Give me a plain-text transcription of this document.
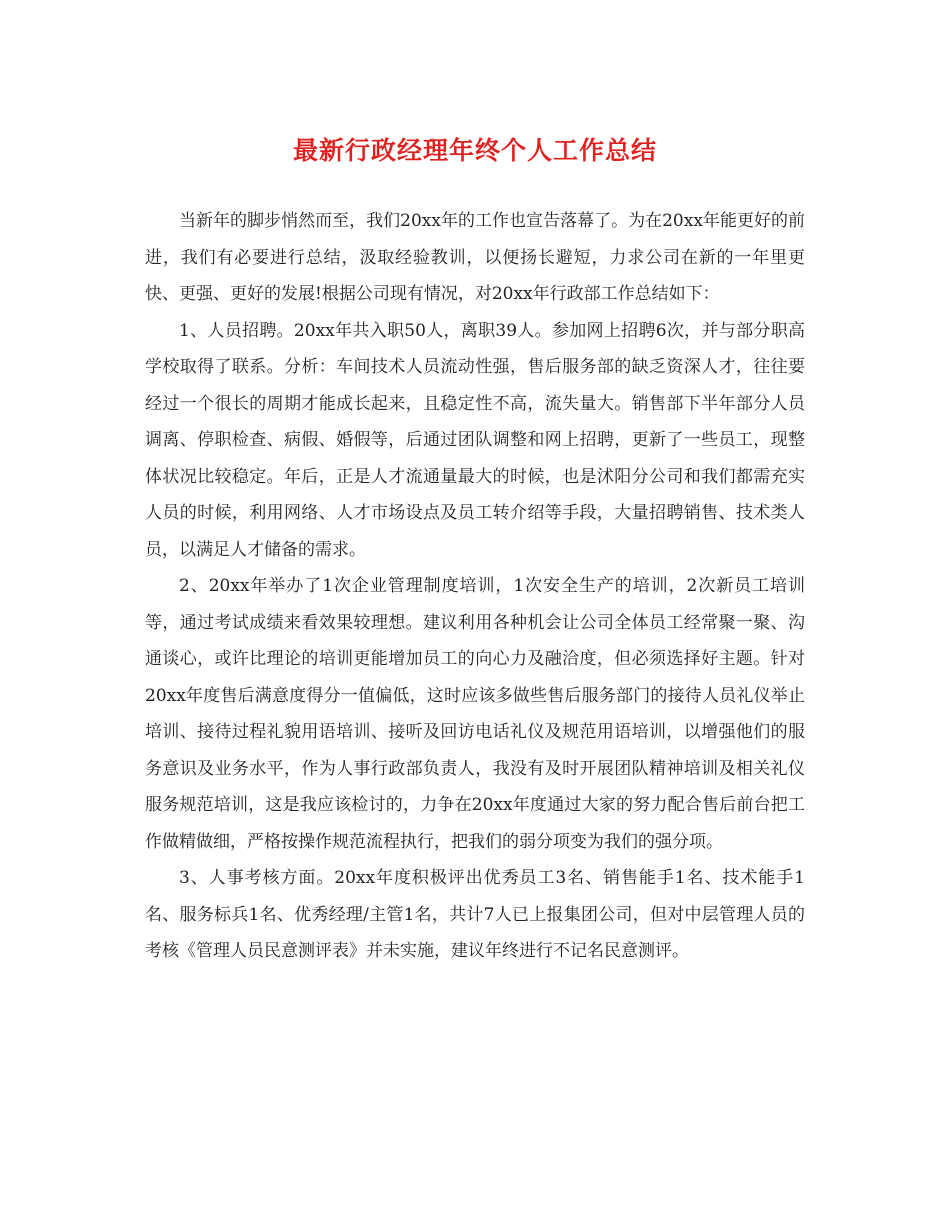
最新行政经理年终个人工作总结

当新年的脚步悄然而至，我们20xx年的工作也宣告落幕了。为在20xx年能更好的前进，我们有必要进行总结，汲取经验教训，以便扬长避短，力求公司在新的一年里更快、更强、更好的发展!根据公司现有情况，对20xx年行政部工作总结如下：

1、人员招聘。20xx年共入职50人，离职39人。参加网上招聘6次，并与部分职高学校取得了联系。分析：车间技术人员流动性强，售后服务部的缺乏资深人才，往往要经过一个很长的周期才能成长起来，且稳定性不高，流失量大。销售部下半年部分人员调离、停职检查、病假、婚假等，后通过团队调整和网上招聘，更新了一些员工，现整体状况比较稳定。年后，正是人才流通量最大的时候，也是沭阳分公司和我们都需充实人员的时候，利用网络、人才市场设点及员工转介绍等手段，大量招聘销售、技术类人员，以满足人才储备的需求。

2、20xx年举办了1次企业管理制度培训，1次安全生产的培训，2次新员工培训等，通过考试成绩来看效果较理想。建议利用各种机会让公司全体员工经常聚一聚、沟通谈心，或许比理论的培训更能增加员工的向心力及融洽度，但必须选择好主题。针对20xx年度售后满意度得分一值偏低，这时应该多做些售后服务部门的接待人员礼仪举止培训、接待过程礼貌用语培训、接听及回访电话礼仪及规范用语培训，以增强他们的服务意识及业务水平，作为人事行政部负责人，我没有及时开展团队精神培训及相关礼仪服务规范培训，这是我应该检讨的，力争在20xx年度通过大家的努力配合售后前台把工作做精做细，严格按操作规范流程执行，把我们的弱分项变为我们的强分项。

3、人事考核方面。20xx年度积极评出优秀员工3名、销售能手1名、技术能手1名、服务标兵1名、优秀经理/主管1名，共计7人已上报集团公司，但对中层管理人员的考核《管理人员民意测评表》并未实施，建议年终进行不记名民意测评。
